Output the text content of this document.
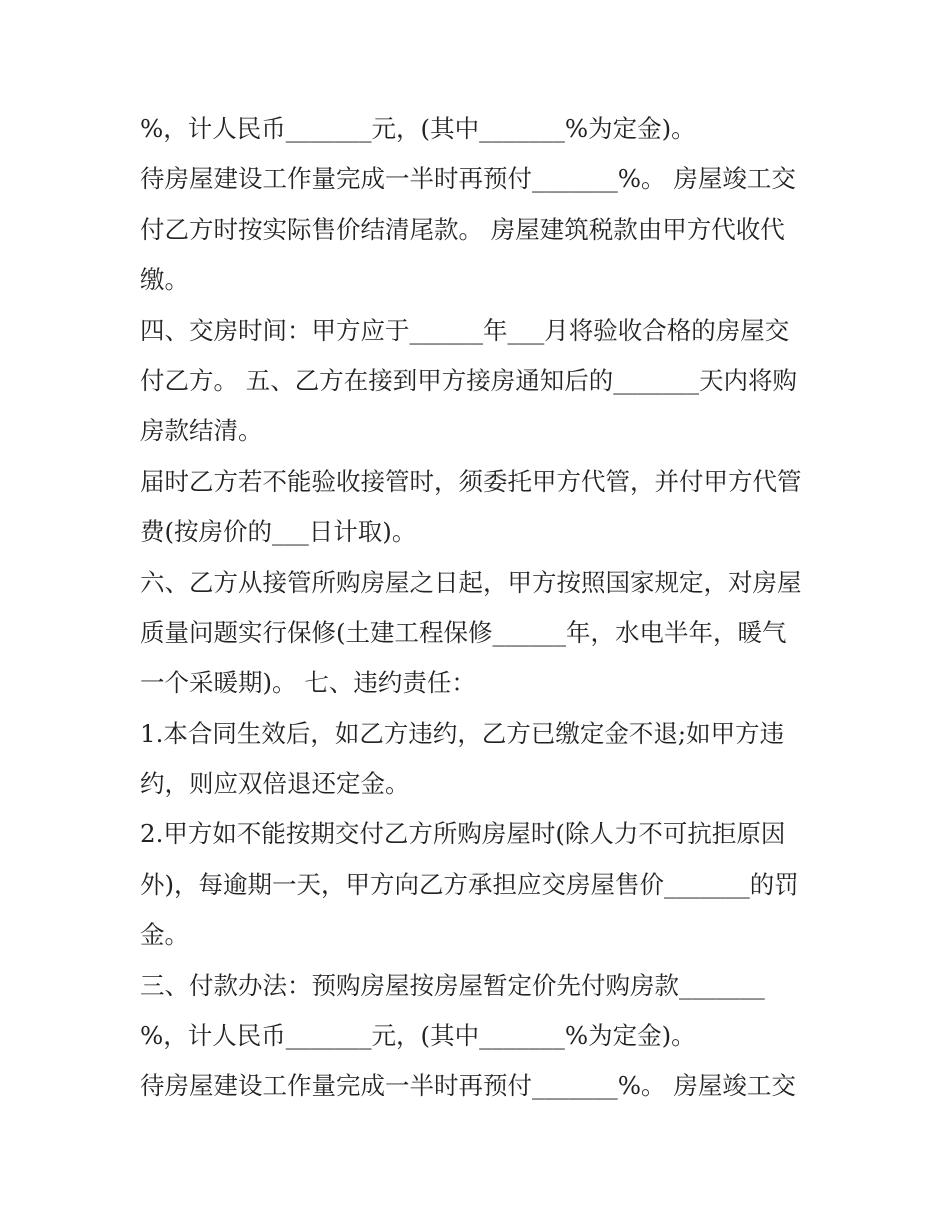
%，计人民币_______元，(其中_______%为定金)。
待房屋建设工作量完成一半时再预付_______%。 房屋竣工交
付乙方时按实际售价结清尾款。 房屋建筑税款由甲方代收代
缴。
四、交房时间：甲方应于______年___月将验收合格的房屋交
付乙方。 五、乙方在接到甲方接房通知后的_______天内将购
房款结清。
届时乙方若不能验收接管时，须委托甲方代管，并付甲方代管
费(按房价的___日计取)。
六、乙方从接管所购房屋之日起，甲方按照国家规定，对房屋
质量问题实行保修(土建工程保修______年，水电半年，暖气
一个采暖期)。 七、违约责任：
1.本合同生效后，如乙方违约，乙方已缴定金不退;如甲方违
约，则应双倍退还定金。
2.甲方如不能按期交付乙方所购房屋时(除人力不可抗拒原因
外)，每逾期一天，甲方向乙方承担应交房屋售价_______的罚
金。
三、付款办法：预购房屋按房屋暂定价先付购房款_______
%，计人民币_______元，(其中_______%为定金)。
待房屋建设工作量完成一半时再预付_______%。 房屋竣工交
